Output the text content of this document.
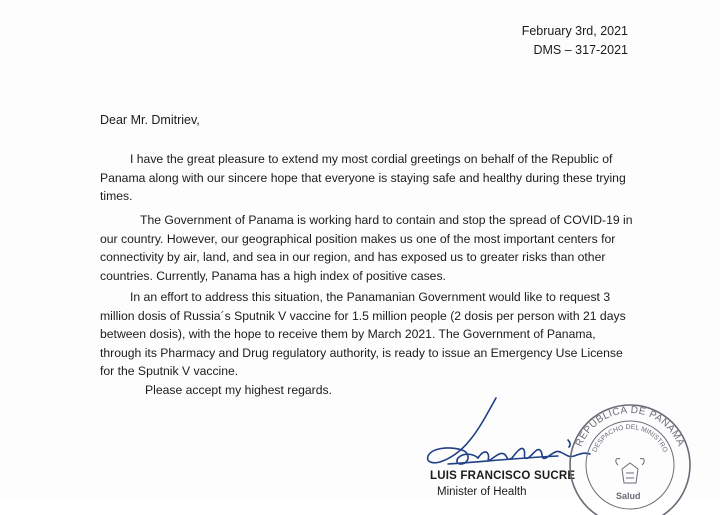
February 3rd, 2021
DMS – 317-2021
Dear Mr. Dmitriev,

I have the great pleasure to extend my most cordial greetings on behalf of the Republic of Panama along with our sincere hope that everyone is staying safe and healthy during these trying times.

The Government of Panama is working hard to contain and stop the spread of COVID-19 in our country. However, our geographical position makes us one of the most important centers for connectivity by air, land, and sea in our region, and has exposed us to greater risks than other countries. Currently, Panama has a high index of positive cases.

In an effort to address this situation, the Panamanian Government would like to request 3 million dosis of Russia´s Sputnik V vaccine for 1.5 million people (2 dosis per person with 21 days between dosis), with the hope to receive them by March 2021. The Government of Panama, through its Pharmacy and Drug regulatory authority, is ready to issue an Emergency Use License for the Sputnik V vaccine.

Please accept my highest regards.
LUIS FRANCISCO SUCRE
Minister of Health
REPÚBLICA DE PANAMÁ
DESPACHO DEL MINISTRO
Salud
